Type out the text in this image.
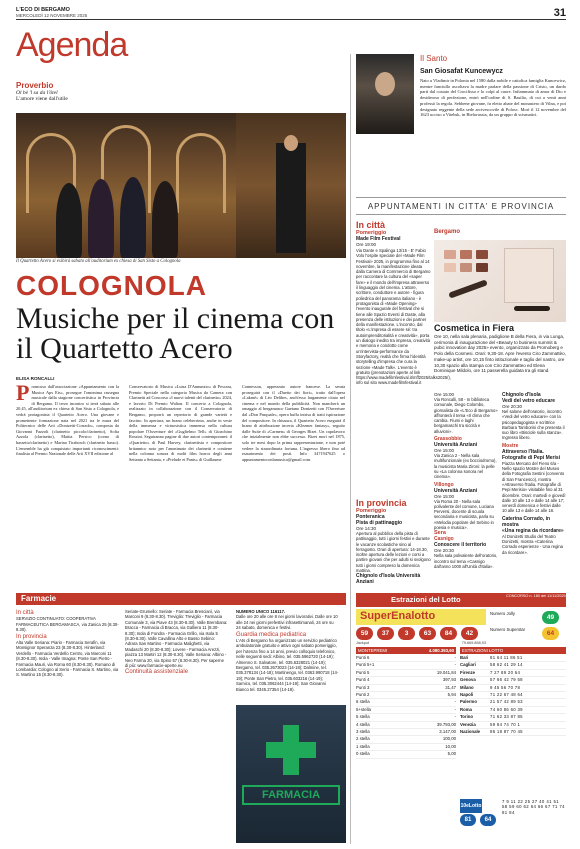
L'ECO DI BERGAMO
MERCOLEDÌ 12 NOVEMBRE 2025	31
Agenda
Proverbio
Ol bè 'l sa da l'ôtel
L'amore viene dall'utile
Il Quartetto Acero si esibirà sabato all'auditorium ex chiesa di San Sisto a Colognola
COLOGNOLA
Musiche per il cinema con il Quartetto Acero
ELISA RONCALLI
Promosso dall'associazione «Appuntamento con la Musica Aps Ets», prosegue l'omonima rassegna musicale dalla stagione concertistica in Provincia di Bergamo. Il terzo incontro si terrà sabato alle 20.45, all'auditorium ex chiesa di San Sisto a Colognola, e vedrà protagonista il Quartetto Acero. Una giovane e promettente formazione nata nel 2021 tra le mura del Politecnico delle Arti «Donizetti-Corrado», composta da Giovanni Fazzoli (clarinetto piccolo/clarinetto), Sofia Azzola (clarinetto), Mattia Persico (corno di bassetto/clarinetto) e Marina Tirabosch (clarinetto basso). L'ensemble ha già conquistato importanti riconoscimenti: finalista al Premio Nazionale delle Arti XVII edizione al
Conservatorio di Musica «Luisa D'Annunzio» di Pescara, Premio Speciale nella categoria Musica da Camera con Clarinetti ad Concorso «I nuovi talenti del clarinetto» 2024, e lavorio Di Premio Walton. Il concerto a Colognola, realizzato in collaborazione con il Conservatorio di Bergamo, proporrà un repertorio di grande varietà e fascino. In apertura, un brano celeberrimo, anche in veste della immensa e virtuosistica immensa nella cultura popolare l'Ouverture del «Guglielmo Tell» di Gioachino Rossini. Seguiranno pagine di due autori contemporanei: il «Quartetto» di Paul Harvey, clarinettista e compositore britannico noto per l'anonimato dei clarinetti e contiene nella colonna sonora di molti film horror degli anni Settanta a Settanta, e «Prelude et Panis» di Guillaume
Connesson, apprezzato autore francese. La serata proseguirà con il «Duetto dei fiori», tratto dall'opera «Lakmé» di Léo Delibes, anch'esso largamente citato nel cinema e nel mondo della pubblicità. Non mancherà un omaggio al bergamasco Gaetano Donizetti con l'Ouverture dal «Don Pasquale», opera buffa intrisa di tratti ispirazione del compositore. In chiusura, il Quartetto Acero eseguirà il brano di attribuzione incerta «Klezmer fantasy», seguito dalle Suite di «Carmen» di Georges Bizet. Un capolavoro che inizialmente non ebbe successo. Bizet morì nel 1875, solo tre mesi dopo la prima rappresentazione, e non poté vedere la straordinaria fortuna. L'ingresso libero fino ad esaurimento dei posti. Info 3471947625 o appuntamentoconlamusica@gmail.com.
Farmacie
In città
SERVIZIO CONTINUATO: COOPERATIVA FARMACEUTICA BERGAMASCA, via Zanica 25 (8.30-8.30).
In provincia
Alta Valle Seriana: Piario - Farmacia Serafin, via Monsignor Speranza 23 (8.30-8.30). Hinterland: Verdello - Farmacia Verdello Centro, via Marconi 11 (8.30-8.30). Isola - Valle Imagna: Ponte San Pietro - Farmacia Mauri, via Roma 60 (8.30-8.30). Romano di Lombardia: Cologno al Serio - Farmacia S. Martino, via S. Martino 15 (8.30-8.30).
Seriate-Grumello: Seriate - Farmacia Brescianì, via Marconi 9 (8.30-8.30). Treviglio: Treviglio - Farmacia Comunale 3, via Piave 43 (8.30-8.30). Valle Brembana: Bracca - Farmacia di Bracca, via Galliera 11 (8.30-8.30); Isola di Fondra - Farmacia Grillo, via Isola 5 (8.30-8.30). Valle Cavallina Alto e Basso Sebino: Adrara San Martino - Farmacia Malighetti, via Madaschi 20 (8.30-8.30); Lovere - Farmacia Arezzi, piazza 13 Martiri 12 (8.30-8.30). Valle Seriana: Albino - Neo Farma 20, via Spino 57 (8.30-8.30). Per saperne di più: www.farmacie-aperte.eu
Continuità assistenziale
NUMERO UNICO 116117.
Dalle ore 20 alle ore 8 nei giorni lavorativi. Dalle ore 10 alle 24 nei giorni prefestivi infrasettimanali, 24 ore su 24 sabato, domenica e festivi.
Guardia medica pediatrica
L'Ats di Bergamo ha organizzato un servizio pediatrico ambulatoriale gratuito e attivo ogni sabato pomeriggio, per l'utenza fino a 14 anni, previo colloquio telefonico, nelle seguenti sedi: Albino, tel. 035.5962720 (14-19); Almenno S. Salvatore, tel. 035.6328021 (14-19); Bergamo, tel. 035.2673023 (14-18); Dalmine, tel. 035.378134 (14-18); Martinengo, tel. 0363.990718 (14-19); Ponte San Pietro, tel. 035.603216 (14-19); Sarnico, tel. 035.3062444 (14-19); San Giovanni Bianco tel. 0345.27354 (14-19).
FARMACIA
Il Santo
San Giosafat Kuncewycz
Nato a Vladimir in Polonia nel 1580 dalla nobile e cattolica famiglia Kuncewicz, mentre fanciullo ascoltava la madre parlare della passione di Cristo, un dardo partì dal costato del Crocifisso e lo colpì al cuore. Infiammato di amor di Dio e desideroso di perfezione, entrò nell'ordine di S. Basilio, di cui a venti anni professò la regola. Sebbene giovane, fu eletto abate del monastero di Vilna, e poi designato reggente della sede arcivescovile di Polosc. Morì il 12 novembre del 1623 ucciso a Vitebsk, in Bielorussia, da un gruppo di scismatici.
APPUNTAMENTI IN CITTA' E PROVINCIA
In città
Pomeriggio
Made Film Festival
Ore 19:00
Via Dante e Spalinga 13/15 - E' Fabio Volo l'ospite speciale del «Made Film Festival» 2025, in programma fino al 14 novembre, la manifestazione ideata dalla Camera di Commercio di Bergamo per raccontare la cultura del «saper fare» e il mondo dell'impresa attraverso il linguaggio del cinema. L'attore, scrittore, conduttore e autore - figura poliedrica del panorama italiano - è protagonista di «Made Opening» l'evento inaugurale del festival che si tiene alle Spazio Eventi di Daste, alla presenza delle istituzioni e dei partner della manifestazione. L'incontro, dal titolo «L'impresa di essere sé: tra autoimprenditorialità e creatività», porta un dialogo inedito tra impresa, creatività e memoria e condotto come un'intervista-performance da Storyfactory, realtà che firma l'identità storytelling d'impresa che cura la sezione «Made Talk». L'evento è gratuito (prenotazioni aperte al link https://www.madefilmfestival.it/mff2025/talks2025/), info sul sito www.madefilmfestival.it
In provincia
Pomeriggio
Ponteranica
Pista di pattinaggio
Ore 14:30
Apertura al pubblico della pista di pattinaggio, tutti i giorni festivi e durante le vacanze scolastiche sino al ferragosto. Orari di apertura: 14-18.30, inoltre apertura delle lezioni e corsi a partire giovani che per adulti si svolgono tutti i giorni compreso la domenica mattina.
Chignolo d'Isola Università Anziani
Bergamo
Cosmetica in Fiera
Ore 10, nella sala plenaria, padiglione B della Fiera, in via Lunga, cerimonia di inaugurazione del «Beauty to business summit & pubic innovation day 2025» evento, organizzato da Promoberg e Polo della Cosmesi. Orari: 9,30-18. Apre l'evento Ciro Zammattèo, make-up artist, ore 10,15 finto istituzionale e taglio del nastro, ore 10,30 spazio alla stampa con Ciro Zammatteo ed Elena Dominique Mildolo, ore 11 passerella guidata tra gli stand.
Ore 15:00
Via Roncalli, 58 - In biblioteca comunale, Diego Colombo, giornalista de «L'Eco di Bergamo» affronterà il tema «Il clima che cambia. Fiumi e laghi bergamaschi tra siccità e alluvioni».
Grassobbio
Università Anziani
Ore 15:00
Via Zanica 2 - Nella sala multifunzionale (ex bocciodromo), la musicista Maria Zironi: la pelle su «La colonna sonora nel cinema».
Villongo
Università Anziani
Ore 15:00
Via Roma 20 - Nella sala polivalente del comune, Luciana Perversi, docente di scuola secondaria e musicista, parla su «Melodia popolare del Sebino in poesia e musica».
Sera
Casnigo
Conoscere il territorio
Ore 20:30
Nella sala polivalente dell'oratorio, incontro sul tema «Casnigo dall'anno 1000 all'Unità d'Italia».
Chignolo d'Isola
Vedi del vetro educare
Ore 20:30
Nel salone dell'oratorio, incontro «Vedi del vetro educare» con la psicopedagogista e scrittrice Barbara Tamborini che presenta il suo libro «Bisciole sulla stanza». Ingresso libero.
Mostre
Attraverso l'Italia. Fotografie di Pepi Merisi
Piazza Mercato del Fieno 6/a - Nello spazio Mostre del Museo della Fotografia Sestini (convento di San Francesco), mostra «Attraverso l'Italia. Fotografie di Pepi Merisio» visitabile fino al 31 dicembre. Orari: martedì e giovedì dalle 10 alle 13 e dalle 14 alle 17; venerdì domenica e festivi dalle 10 alle 13 e dalle 14 alle 18.
Caterina Corrado, in mostra
«Una regina da ricordare»
Al Donizetti Studio del Teatro Donizetti, mostra «Caterina Corrado esperienze - Una regina da ricordare».
Estrazioni del Lotto	CONCORSO n. 180 del 11/11/2025
SuperEnalotto
59	37	3	63	84	42
Numero Jolly
49
Numero Superstar
64
Jackpot	79.669.858,93
MONTEPREMI	4.080.393,60
Punti 6	-
Punti 5+1	-
Punti 5	19.041,84
Punti 4	397,93
Punti 3	31,47
Punti 2	5,94
6 stella	-
5+stella	-
5 stella	-
4 stella	39.793,00
3 stella	3.147,00
2 stella	100,00
1 stella	10,00
0 stella	5,00
ESTRAZIONI LOTTO
Bari	81 64 11 86 51
Cagliari	58 62 41 29 14
Firenze	7 27 89 20 64
Genova	57 66 42 79 58
Milano	9 45 56 70 78
Napoli	71 22 67 48 64
Palermo	21 57 42 89 53
Roma	74 60 86 60 39
Torino	71 62 33 87 85
Venezia	59 84 74 70 1
Nazionale	86 18 87 70 45
10eLotto
81	64
7 9 11 22 25 27 40 41 51 58 59 60 62 64 66 67 71 74 81 84
